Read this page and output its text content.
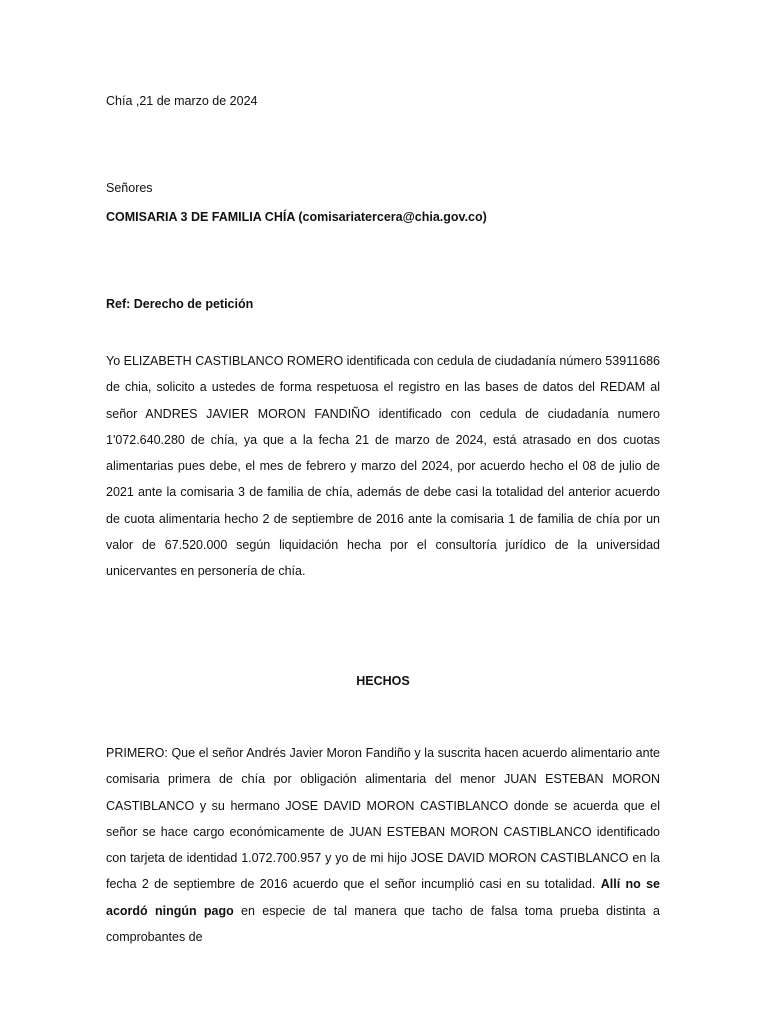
Chía ,21 de marzo de 2024

Señores

COMISARIA 3 DE FAMILIA CHÍA (comisariatercera@chia.gov.co)

Ref: Derecho de petición

Yo ELIZABETH CASTIBLANCO ROMERO identificada con cedula de ciudadanía número 53911686 de chia, solicito a ustedes de forma respetuosa el registro en las bases de datos del REDAM al señor ANDRES JAVIER MORON FANDIÑO identificado con cedula de ciudadanía numero 1'072.640.280 de chía, ya que a la fecha 21 de marzo de 2024, está atrasado en dos cuotas alimentarias pues debe, el mes de febrero y marzo del 2024, por acuerdo hecho el 08 de julio de 2021 ante la comisaria 3 de familia de chía, además de debe casi la totalidad del anterior acuerdo de cuota alimentaria hecho 2 de septiembre de 2016 ante la comisaria 1 de familia de chía por un valor de 67.520.000 según liquidación hecha por el consultoría jurídico de la universidad unicervantes en personería de chía.

HECHOS

PRIMERO: Que el señor Andrés Javier Moron Fandiño y la suscrita hacen acuerdo alimentario ante comisaria primera de chía por obligación alimentaria del menor JUAN ESTEBAN MORON CASTIBLANCO y su hermano JOSE DAVID MORON CASTIBLANCO donde se acuerda que el señor se hace cargo económicamente de JUAN ESTEBAN MORON CASTIBLANCO identificado con tarjeta de identidad 1.072.700.957 y yo de mi hijo JOSE DAVID MORON CASTIBLANCO en la fecha 2 de septiembre de 2016 acuerdo que el señor incumplió casi en su totalidad. Allí no se acordó ningún pago en especie de tal manera que tacho de falsa toma prueba distinta a comprobantes de
